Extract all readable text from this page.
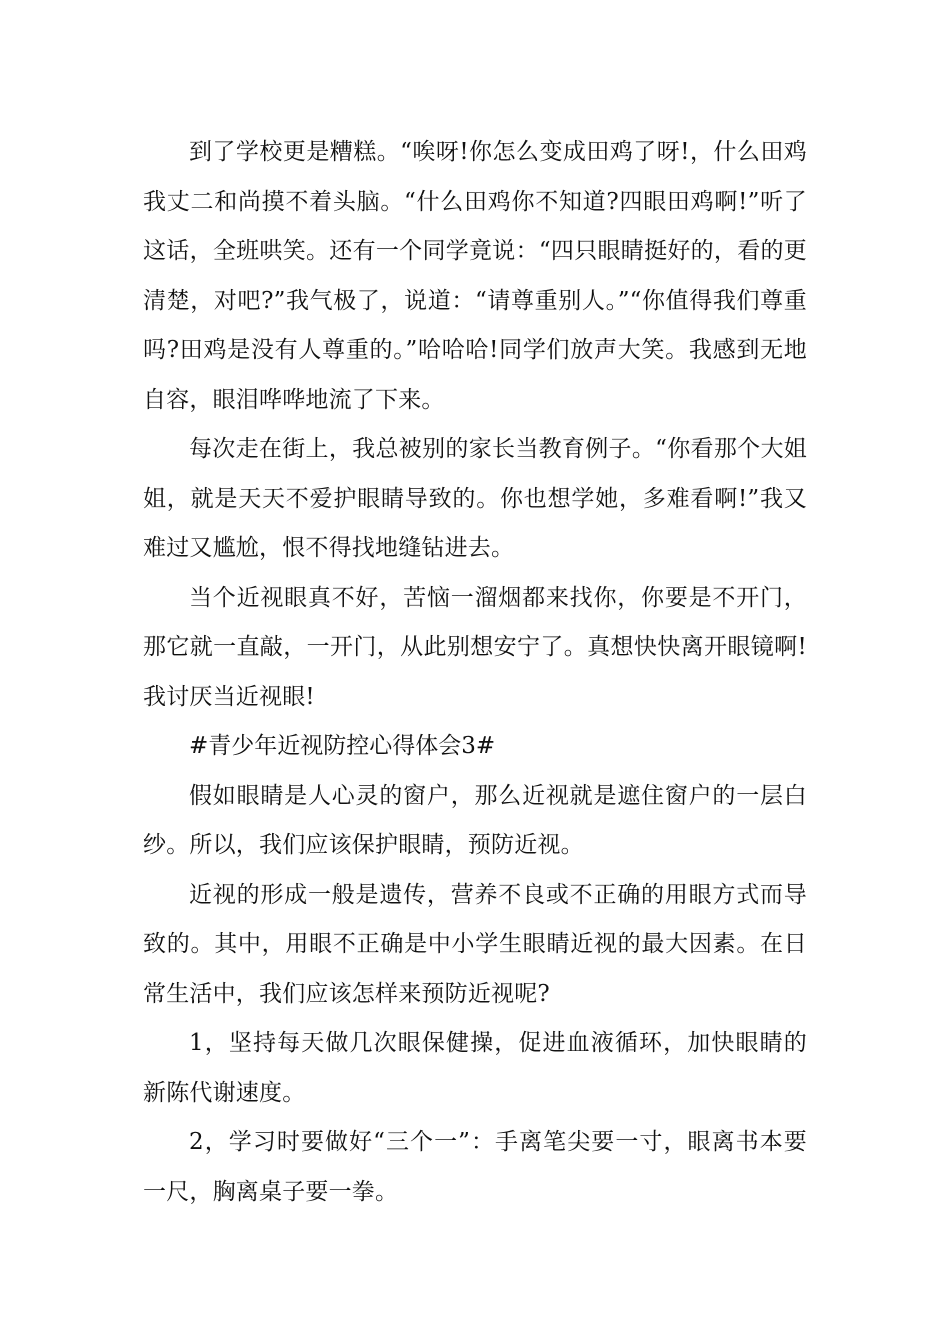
到了学校更是糟糕。“唉呀!你怎么变成田鸡了呀!，什么田鸡我丈二和尚摸不着头脑。“什么田鸡你不知道?四眼田鸡啊!”听了这话，全班哄笑。还有一个同学竟说：“四只眼睛挺好的，看的更清楚，对吧?”我气极了，说道：“请尊重别人。”“你值得我们尊重吗?田鸡是没有人尊重的。”哈哈哈!同学们放声大笑。我感到无地自容，眼泪哗哗地流了下来。

每次走在街上，我总被别的家长当教育例子。“你看那个大姐姐，就是天天不爱护眼睛导致的。你也想学她，多难看啊!”我又难过又尴尬，恨不得找地缝钻进去。

当个近视眼真不好，苦恼一溜烟都来找你，你要是不开门，那它就一直敲，一开门，从此别想安宁了。真想快快离开眼镜啊!我讨厌当近视眼!

#青少年近视防控心得体会3#

假如眼睛是人心灵的窗户，那么近视就是遮住窗户的一层白纱。所以，我们应该保护眼睛，预防近视。

近视的形成一般是遗传，营养不良或不正确的用眼方式而导致的。其中，用眼不正确是中小学生眼睛近视的最大因素。在日常生活中，我们应该怎样来预防近视呢?

1，坚持每天做几次眼保健操，促进血液循环，加快眼睛的新陈代谢速度。

2，学习时要做好“三个一”：手离笔尖要一寸，眼离书本要一尺，胸离桌子要一拳。
